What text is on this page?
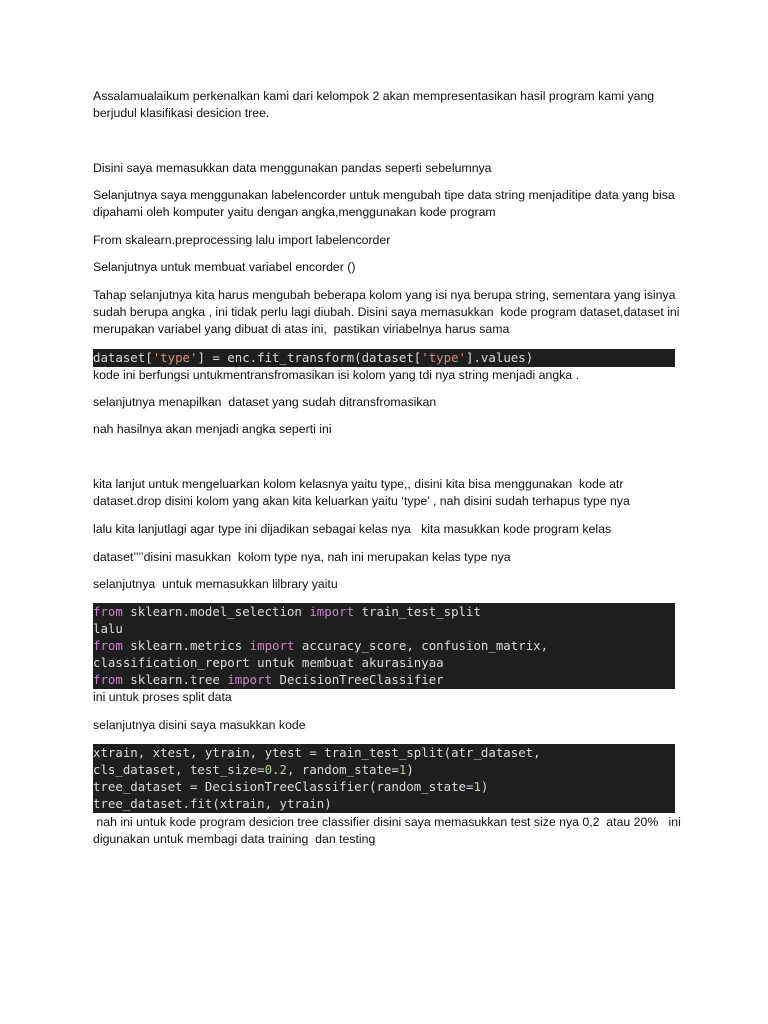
Assalamualaikum perkenalkan kami dari kelompok 2 akan mempresentasikan hasil program kami yang berjudul klasifikasi desicion tree.

Disini saya memasukkan data menggunakan pandas seperti sebelumnya

Selanjutnya saya menggunakan labelencorder untuk mengubah tipe data string menjaditipe data yang bisa dipahami oleh komputer yaitu dengan angka,menggunakan kode program

From skalearn.preprocessing lalu import labelencorder

Selanjutnya untuk membuat variabel encorder ()

Tahap selanjutnya kita harus mengubah beberapa kolom yang isi nya berupa string, sementara yang isinya sudah berupa angka , ini tidak perlu lagi diubah. Disini saya memasukkan  kode program dataset,dataset ini merupakan variabel yang dibuat di atas ini,  pastikan viriabelnya harus sama

dataset['type'] = enc.fit_transform(dataset['type'].values)

kode ini berfungsi untukmentransfromasikan isi kolom yang tdi nya string menjadi angka .

selanjutnya menapilkan  dataset yang sudah ditransfromasikan

nah hasilnya akan menjadi angka seperti ini

kita lanjut untuk mengeluarkan kolom kelasnya yaitu type,, disini kita bisa menggunakan  kode atr dataset.drop disini kolom yang akan kita keluarkan yaitu ‘type’ , nah disini sudah terhapus type nya

lalu kita lanjutlagi agar type ini dijadikan sebagai kelas nya   kita masukkan kode program kelas

dataset’’’’disini masukkan  kolom type nya, nah ini merupakan kelas type nya

selanjutnya  untuk memasukkan lilbrary yaitu

from sklearn.model_selection import train_test_split
lalu
from sklearn.metrics import accuracy_score, confusion_matrix,
classification_report untuk membuat akurasinyaa
from sklearn.tree import DecisionTreeClassifier

ini untuk proses split data

selanjutnya disini saya masukkan kode

xtrain, xtest, ytrain, ytest = train_test_split(atr_dataset,
cls_dataset, test_size=0.2, random_state=1)
tree_dataset = DecisionTreeClassifier(random_state=1)
tree_dataset.fit(xtrain, ytrain)

nah ini untuk kode program desicion tree classifier disini saya memasukkan test size nya 0,2  atau 20%   ini digunakan untuk membagi data training  dan testing
